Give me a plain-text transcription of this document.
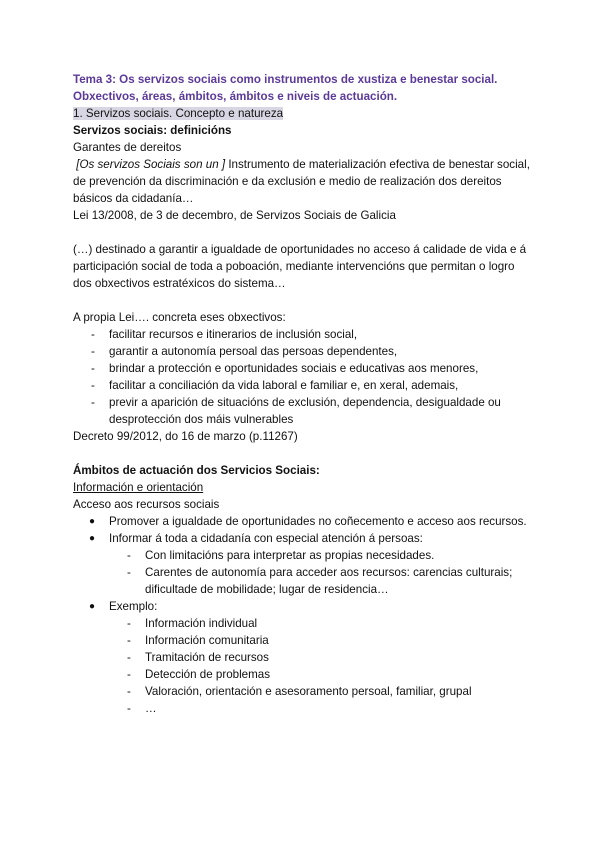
Tema 3: Os servizos sociais como instrumentos de xustiza e benestar social. Obxectivos, áreas, ámbitos, ámbitos e niveis de actuación.
1. Servizos sociais. Concepto e natureza
Servizos sociais: definicións
Garantes de dereitos
[Os servizos Sociais son un ] Instrumento de materialización efectiva de benestar social, de prevención da discriminación e da exclusión e medio de realización dos dereitos básicos da cidadanía…
Lei 13/2008, de 3 de decembro, de Servizos Sociais de Galicia
(…) destinado a garantir a igualdade de oportunidades no acceso á calidade de vida e á participación social de toda a poboación, mediante intervencións que permitan o logro dos obxectivos estratéxicos do sistema…
A propia Lei…. concreta eses obxectivos:
- facilitar recursos e itinerarios de inclusión social,
- garantir a autonomía persoal das persoas dependentes,
- brindar a protección e oportunidades sociais e educativas aos menores,
- facilitar a conciliación da vida laboral e familiar e, en xeral, ademais,
- previr a aparición de situacións de exclusión, dependencia, desigualdade ou desprotección dos máis vulnerables
Decreto 99/2012, do 16 de marzo (p.11267)
Ámbitos de actuación dos Servicios Sociais:
Información e orientación
Acceso aos recursos sociais
● Promover a igualdade de oportunidades no coñecemento e acceso aos recursos.
● Informar á toda a cidadanía con especial atención á persoas:
- Con limitacións para interpretar as propias necesidades.
- Carentes de autonomía para acceder aos recursos: carencias culturais; dificultade de mobilidade; lugar de residencia…
● Exemplo:
- Información individual
- Información comunitaria
- Tramitación de recursos
- Detección de problemas
- Valoración, orientación e asesoramento persoal, familiar, grupal
- …
